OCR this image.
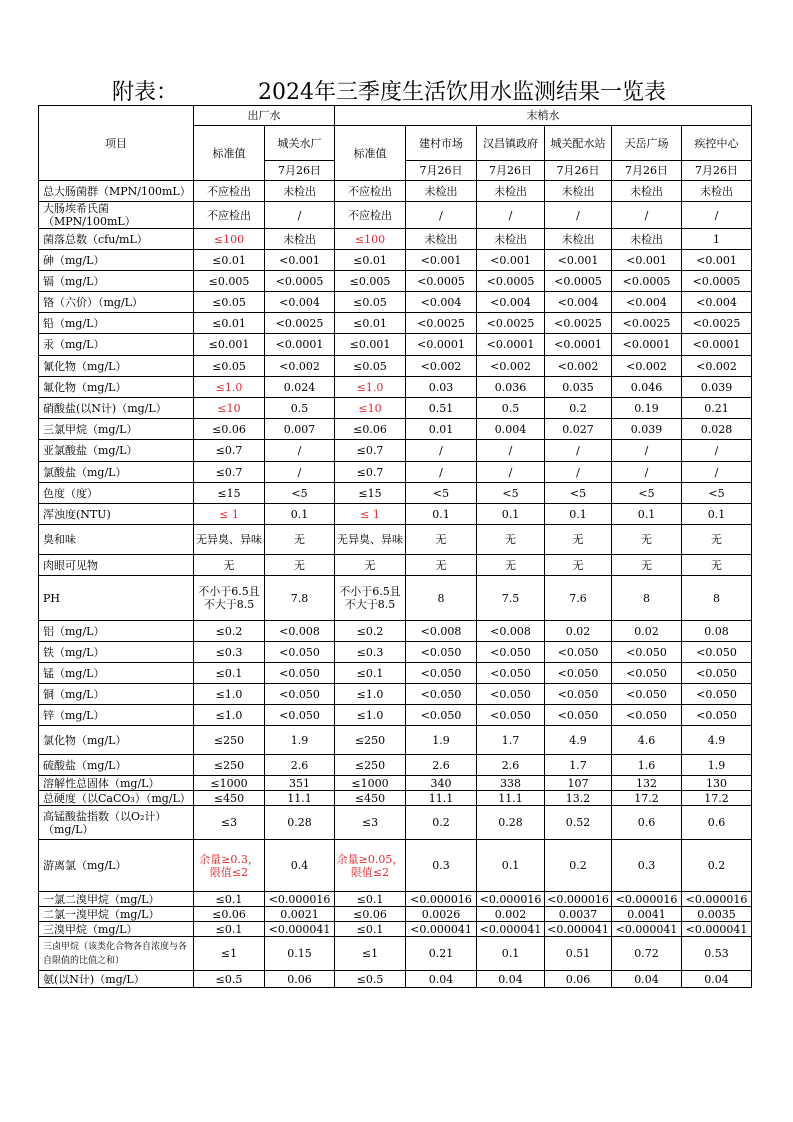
附表：	2024年三季度生活饮用水监测结果一览表
项目	出厂水		末梢水					
	标准值	城关水厂	标准值	建村市场	汉昌镇政府	城关配水站	天岳广场	疾控中心
		7月26日		7月26日	7月26日	7月26日	7月26日	7月26日
总大肠菌群（MPN/100mL）	不应检出	未检出	不应检出	未检出	未检出	未检出	未检出	未检出
大肠埃希氏菌（MPN/100mL）	不应检出	/	不应检出	/	/	/	/	/
菌落总数（cfu/mL）	≤100	未检出	≤100	未检出	未检出	未检出	未检出	1
砷（mg/L）	≤0.01	<0.001	≤0.01	<0.001	<0.001	<0.001	<0.001	<0.001
镉（mg/L）	≤0.005	<0.0005	≤0.005	<0.0005	<0.0005	<0.0005	<0.0005	<0.0005
铬（六价）（mg/L）	≤0.05	<0.004	≤0.05	<0.004	<0.004	<0.004	<0.004	<0.004
铅（mg/L）	≤0.01	<0.0025	≤0.01	<0.0025	<0.0025	<0.0025	<0.0025	<0.0025
汞（mg/L）	≤0.001	<0.0001	≤0.001	<0.0001	<0.0001	<0.0001	<0.0001	<0.0001
氰化物（mg/L）	≤0.05	<0.002	≤0.05	<0.002	<0.002	<0.002	<0.002	<0.002
氟化物（mg/L）	≤1.0	0.024	≤1.0	0.03	0.036	0.035	0.046	0.039
硝酸盐(以N计)（mg/L）	≤10	0.5	≤10	0.51	0.5	0.2	0.19	0.21
三氯甲烷（mg/L）	≤0.06	0.007	≤0.06	0.01	0.004	0.027	0.039	0.028
亚氯酸盐（mg/L）	≤0.7	/	≤0.7	/	/	/	/	/
氯酸盐（mg/L）	≤0.7	/	≤0.7	/	/	/	/	/
色度（度）	≤15	<5	≤15	<5	<5	<5	<5	<5
浑浊度(NTU)	≤ 1	0.1	≤ 1	0.1	0.1	0.1	0.1	0.1
臭和味	无异臭、异味	无	无异臭、异味	无	无	无	无	无
肉眼可见物	无	无	无	无	无	无	无	无
PH	不小于6.5且不大于8.5	7.8	不小于6.5且不大于8.5	8	7.5	7.6	8	8
铝（mg/L）	≤0.2	<0.008	≤0.2	<0.008	<0.008	0.02	0.02	0.08
铁（mg/L）	≤0.3	<0.050	≤0.3	<0.050	<0.050	<0.050	<0.050	<0.050
锰（mg/L）	≤0.1	<0.050	≤0.1	<0.050	<0.050	<0.050	<0.050	<0.050
铜（mg/L）	≤1.0	<0.050	≤1.0	<0.050	<0.050	<0.050	<0.050	<0.050
锌（mg/L）	≤1.0	<0.050	≤1.0	<0.050	<0.050	<0.050	<0.050	<0.050
氯化物（mg/L）	≤250	1.9	≤250	1.9	1.7	4.9	4.6	4.9
硫酸盐（mg/L）	≤250	2.6	≤250	2.6	2.6	1.7	1.6	1.9
溶解性总固体（mg/L）	≤1000	351	≤1000	340	338	107	132	130
总硬度（以CaCO₃）（mg/L）	≤450	11.1	≤450	11.1	11.1	13.2	17.2	17.2
高锰酸盐指数（以O₂计）（mg/L）	≤3	0.28	≤3	0.2	0.28	0.52	0.6	0.6
游离氯（mg/L）	余量≥0.3，限值≤2	0.4	余量≥0.05，限值≤2	0.3	0.1	0.2	0.3	0.2
一氯二溴甲烷（mg/L）	≤0.1	<0.000016	≤0.1	<0.000016	<0.000016	<0.000016	<0.000016	<0.000016
二氯一溴甲烷（mg/L）	≤0.06	0.0021	≤0.06	0.0026	0.002	0.0037	0.0041	0.0035
三溴甲烷（mg/L）	≤0.1	<0.000041	≤0.1	<0.000041	<0.000041	<0.000041	<0.000041	<0.000041
三卤甲烷（该类化合物各自浓度与各自限值的比值之和）	≤1	0.15	≤1	0.21	0.1	0.51	0.72	0.53
氨(以N计)（mg/L）	≤0.5	0.06	≤0.5	0.04	0.04	0.06	0.04	0.04
